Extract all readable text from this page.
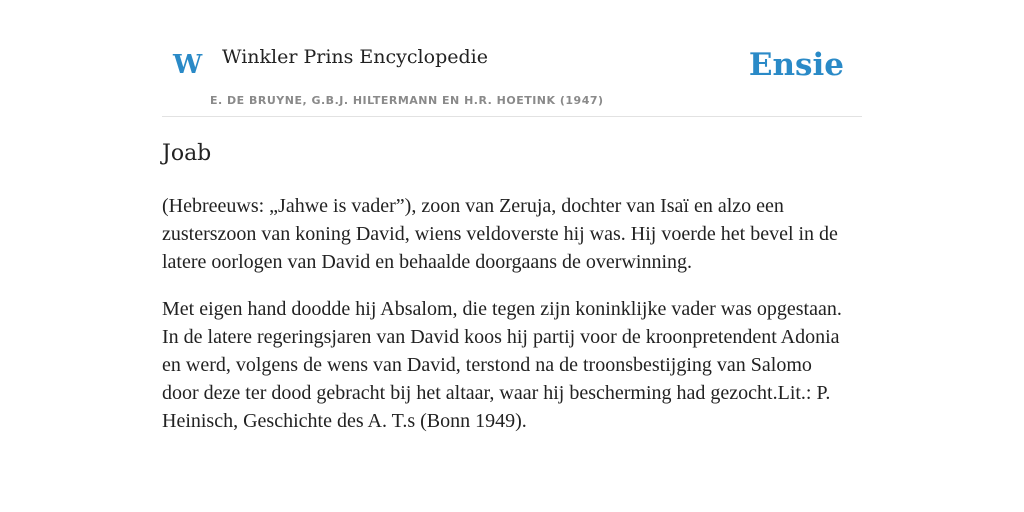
W Winkler Prins Encyclopedie
E. DE BRUYNE, G.B.J. HILTERMANN EN H.R. HOETINK (1947)
Ensie
Joab

(Hebreeuws: „Jahwe is vader”), zoon van Zeruja, dochter van Isaï en alzo een zusterszoon van koning David, wiens veldoverste hij was. Hij voerde het bevel in de latere oorlogen van David en behaalde doorgaans de overwinning.

Met eigen hand doodde hij Absalom, die tegen zijn koninklijke vader was opgestaan. In de latere regeringsjaren van David koos hij partij voor de kroonpretendent Adonia en werd, volgens de wens van David, terstond na de troonsbestijging van Salomo door deze ter dood gebracht bij het altaar, waar hij bescherming had gezocht.Lit.: P. Heinisch, Geschichte des A. T.s (Bonn 1949).
